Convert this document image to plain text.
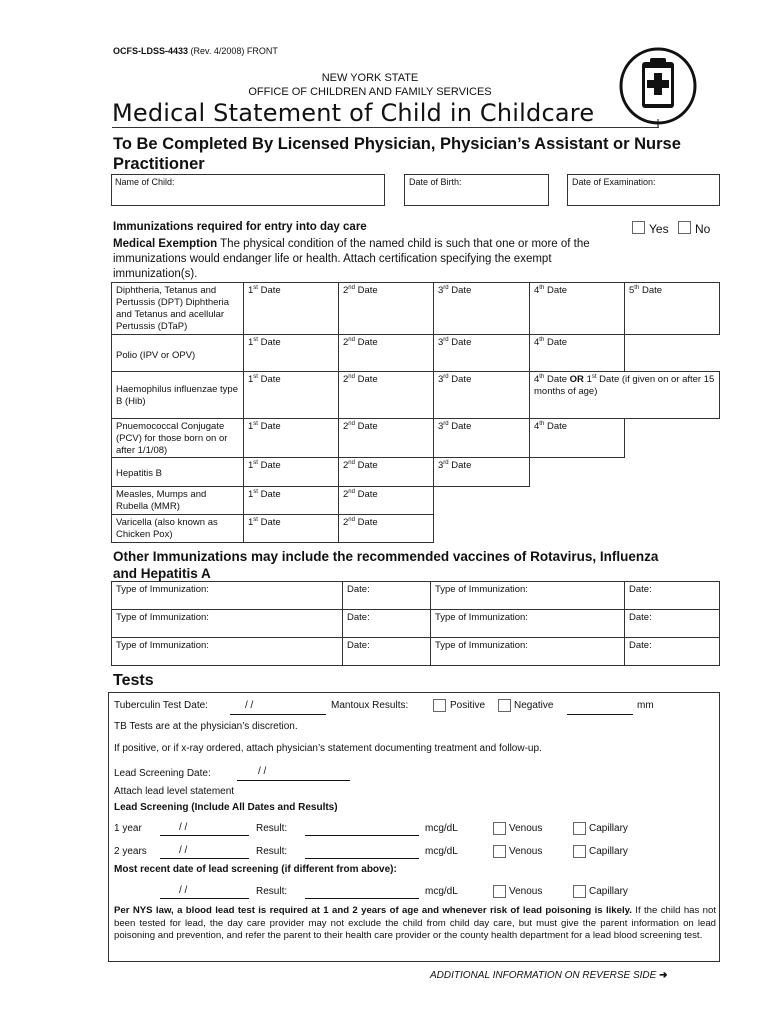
OCFS-LDSS-4433 (Rev. 4/2008) FRONT
NEW YORK STATE
OFFICE OF CHILDREN AND FAMILY SERVICES
Medical Statement of Child in Childcare
To Be Completed By Licensed Physician, Physician’s Assistant or Nurse Practitioner
Name of Child:	Date of Birth:	Date of Examination:
Immunizations required for entry into day care	Yes No
Medical Exemption The physical condition of the named child is such that one or more of the immunizations would endanger life or health. Attach certification specifying the exempt immunization(s).
Diphtheria, Tetanus and Pertussis (DPT) Diphtheria and Tetanus and acellular Pertussis (DTaP)
1st Date	2nd Date	3rd Date	4th Date	5th Date
Polio (IPV or OPV)
1st Date	2nd Date	3rd Date	4th Date
Haemophilus influenzae type B (Hib)
1st Date	2nd Date	3rd Date	4th Date OR 1st Date (if given on or after 15 months of age)
Pnuemococcal Conjugate (PCV) for those born on or after 1/1/08)
1st Date	2nd Date	3rd Date	4th Date
Hepatitis B
1st Date	2nd Date	3rd Date
Measles, Mumps and Rubella (MMR)
1st Date	2nd Date
Varicella (also known as Chicken Pox)
1st Date	2nd Date
Other Immunizations may include the recommended vaccines of Rotavirus, Influenza and Hepatitis A
Type of Immunization:	Date:	Type of Immunization:	Date:
Type of Immunization:	Date:	Type of Immunization:	Date:
Type of Immunization:	Date:	Type of Immunization:	Date:
Tests
Tuberculin Test Date:	/ /	Mantoux Results:	Positive	Negative	mm
TB Tests are at the physician’s discretion.
If positive, or if x-ray ordered, attach physician’s statement documenting treatment and follow-up.
Lead Screening Date:	/ /
Attach lead level statement
Lead Screening (Include All Dates and Results)
1 year	/ /	Result:	mcg/dL	Venous	Capillary
2 years	/ /	Result:	mcg/dL	Venous	Capillary
Most recent date of lead screening (if different from above):
/ /	Result:	mcg/dL	Venous	Capillary
Per NYS law, a blood lead test is required at 1 and 2 years of age and whenever risk of lead poisoning is likely. If the child has not been tested for lead, the day care provider may not exclude the child from child day care, but must give the parent information on lead poisoning and prevention, and refer the parent to their health care provider or the county health department for a lead blood screening test.
ADDITIONAL INFORMATION ON REVERSE SIDE ➜
